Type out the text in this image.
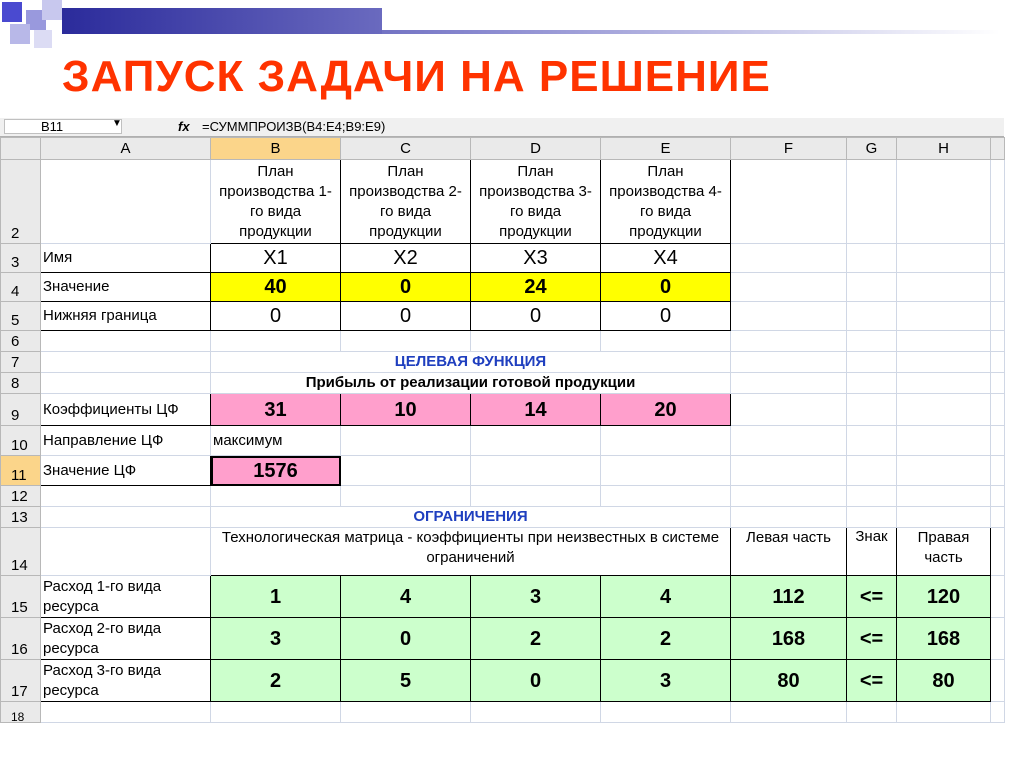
ЗАПУСК ЗАДАЧИ НА РЕШЕНИЕ
B11	▼	fx =СУММПРОИЗВ(B4:E4;B9:E9)
	A	B	C	D	E	F	G	H	
2		План производства 1-го вида продукции	План производства 2-го вида продукции	План производства 3-го вида продукции	План производства 4-го вида продукции				
3	Имя	X1	X2	X3	X4				
4	Значение	40	0	24	0				
5	Нижняя граница	0	0	0	0				
6									
7		ЦЕЛЕВАЯ ФУНКЦИЯ							
8		Прибыль от реализации готовой продукции							
9	Коэффициенты ЦФ	31	10	14	20				
10	Направление ЦФ	максимум							
11	Значение ЦФ	1576							
12									
13		ОГРАНИЧЕНИЯ							
14		Технологическая матрица - коэффициенты при неизвестных в системе ограничений				Левая часть	Знак	Правая часть	
15	Расход 1-го вида ресурса	1	4	3	4	112	<=	120	
16	Расход 2-го вида ресурса	3	0	2	2	168	<=	168	
17	Расход 3-го вида ресурса	2	5	0	3	80	<=	80	
18									
